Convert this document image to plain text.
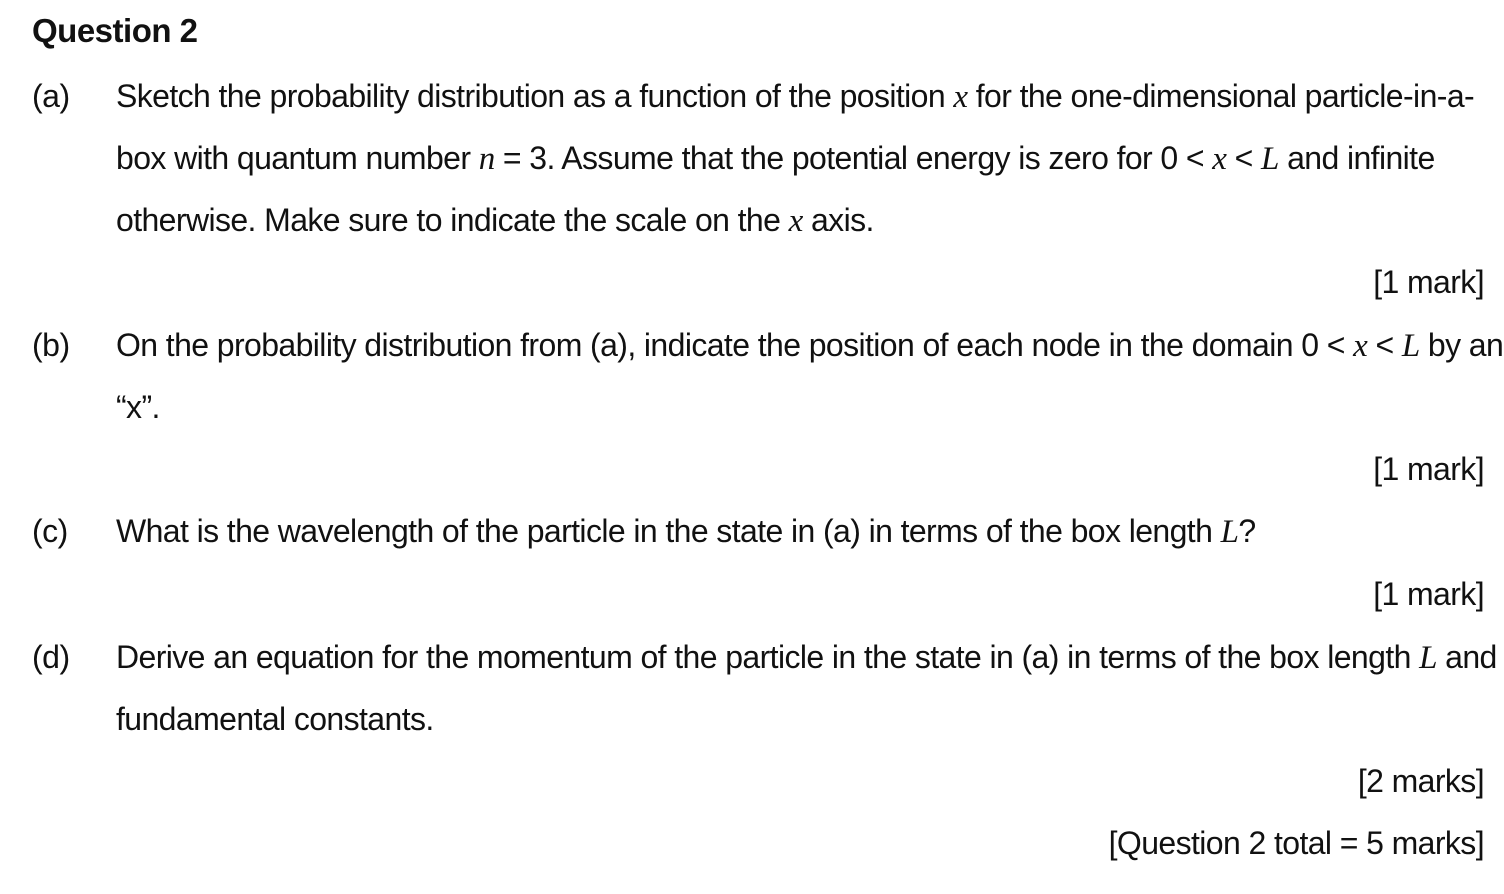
Question 2
(a) Sketch the probability distribution as a function of the position x for the one-dimensional particle-in-a-
box with quantum number n = 3. Assume that the potential energy is zero for 0 < x < L and infinite
otherwise. Make sure to indicate the scale on the x axis.
[1 mark]
(b) On the probability distribution from (a), indicate the position of each node in the domain 0 < x < L by an
“x”.
[1 mark]
(c) What is the wavelength of the particle in the state in (a) in terms of the box length L?
[1 mark]
(d) Derive an equation for the momentum of the particle in the state in (a) in terms of the box length L and
fundamental constants.
[2 marks]
[Question 2 total = 5 marks]
